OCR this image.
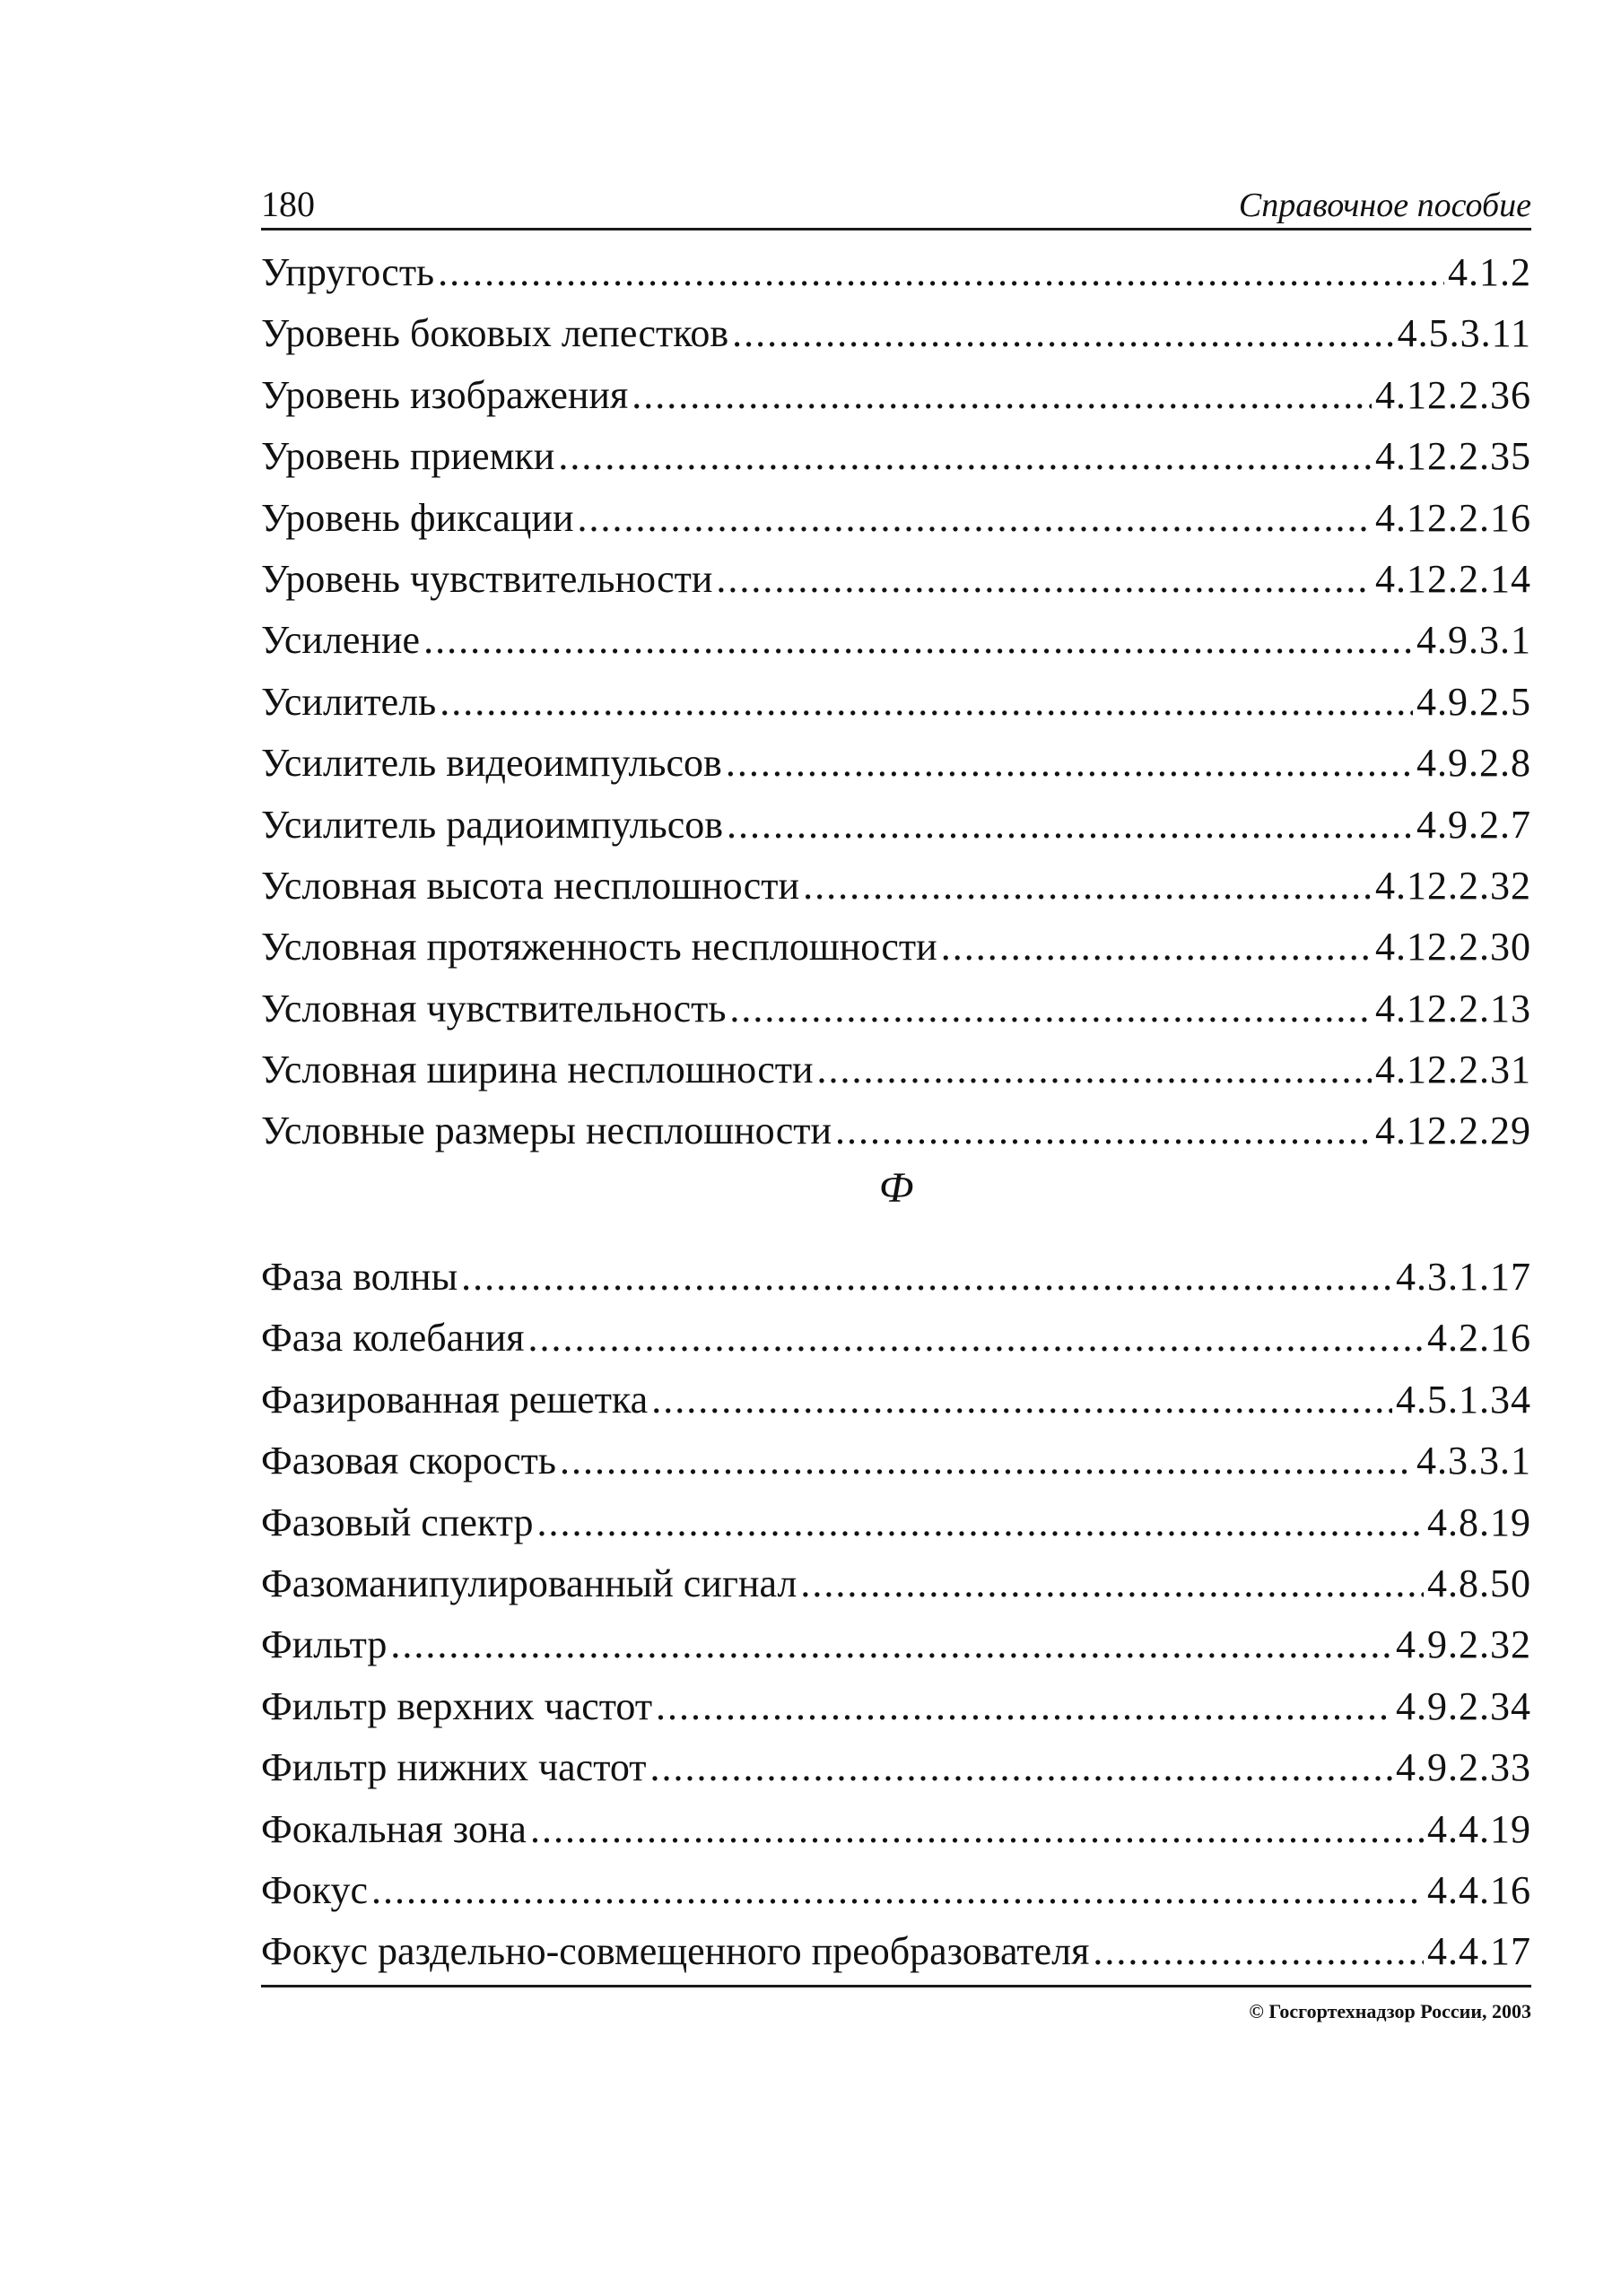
180	Справочное пособие
Упругость .....	4.1.2
Уровень боковых лепестков .....	4.5.3.11
Уровень изображения .....	4.12.2.36
Уровень приемки .....	4.12.2.35
Уровень фиксации .....	4.12.2.16
Уровень чувствительности .....	4.12.2.14
Усиление .....	4.9.3.1
Усилитель .....	4.9.2.5
Усилитель видеоимпульсов .....	4.9.2.8
Усилитель радиоимпульсов .....	4.9.2.7
Условная высота несплошности .....	4.12.2.32
Условная протяженность несплошности .....	4.12.2.30
Условная чувствительность .....	4.12.2.13
Условная ширина несплошности .....	4.12.2.31
Условные размеры несплошности .....	4.12.2.29
Ф
Фаза волны .....	4.3.1.17
Фаза колебания .....	4.2.16
Фазированная решетка .....	4.5.1.34
Фазовая скорость .....	4.3.3.1
Фазовый спектр .....	4.8.19
Фазоманипулированный сигнал .....	4.8.50
Фильтр .....	4.9.2.32
Фильтр верхних частот .....	4.9.2.34
Фильтр нижних частот .....	4.9.2.33
Фокальная зона .....	4.4.19
Фокус .....	4.4.16
Фокус раздельно-совмещенного преобразователя .....	4.4.17
© Госгортехнадзор России, 2003
